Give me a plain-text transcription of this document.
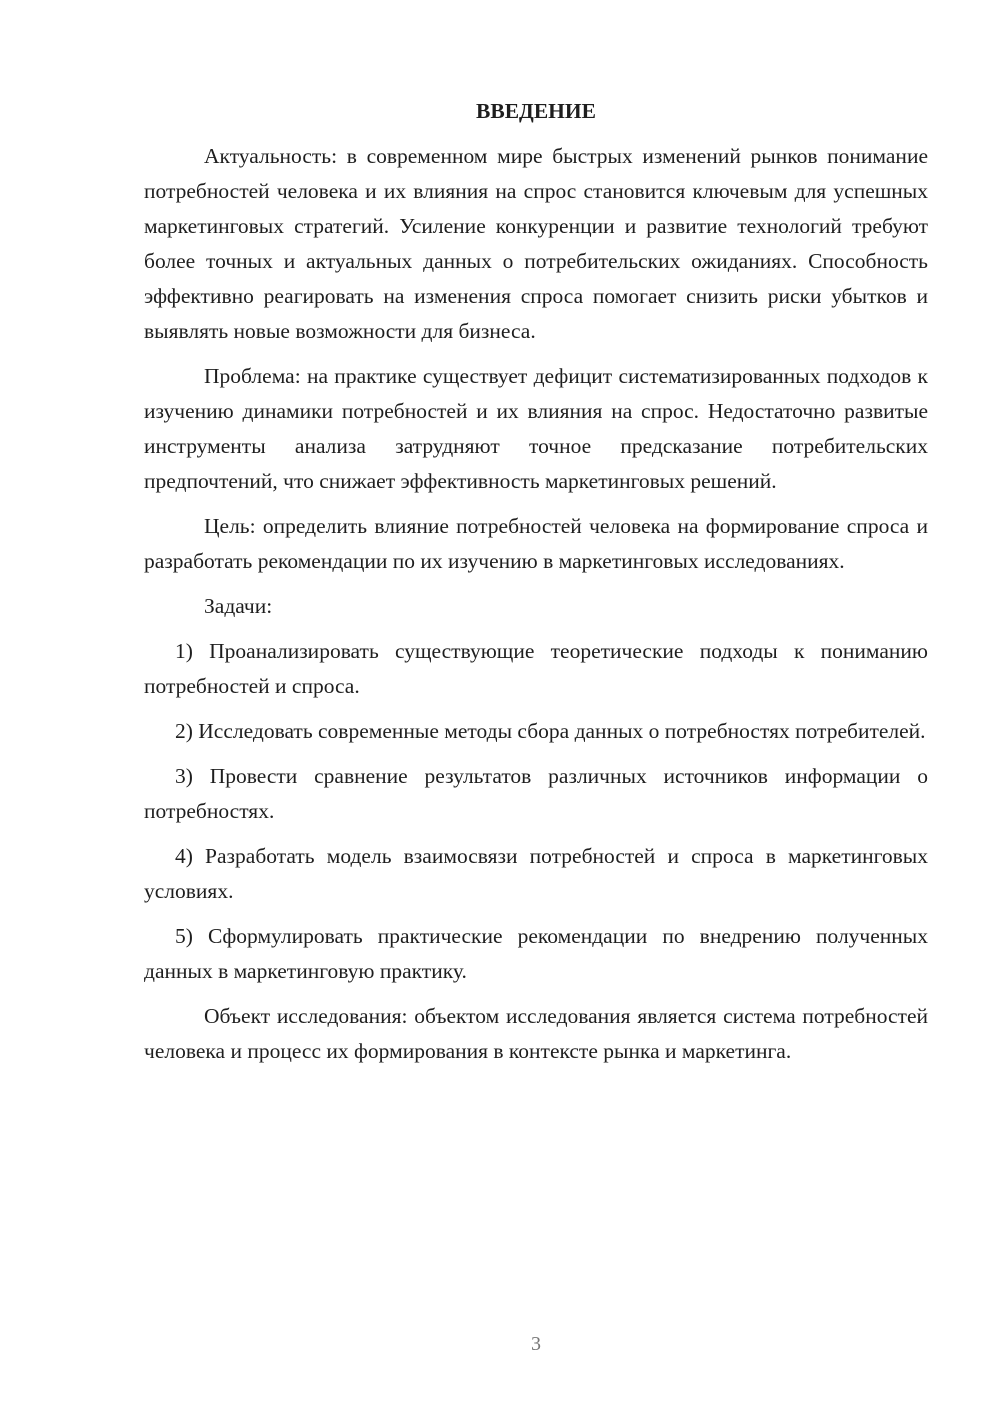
ВВЕДЕНИЕ

Актуальность: в современном мире быстрых изменений рынков понимание потребностей человека и их влияния на спрос становится ключевым для успешных маркетинговых стратегий. Усиление конкуренции и развитие технологий требуют более точных и актуальных данных о потребительских ожиданиях. Способность эффективно реагировать на изменения спроса помогает снизить риски убытков и выявлять новые возможности для бизнеса.

Проблема: на практике существует дефицит систематизированных подходов к изучению динамики потребностей и их влияния на спрос. Недостаточно развитые инструменты анализа затрудняют точное предсказание потребительских предпочтений, что снижает эффективность маркетинговых решений.

Цель: определить влияние потребностей человека на формирование спроса и разработать рекомендации по их изучению в маркетинговых исследованиях.

Задачи:

1) Проанализировать существующие теоретические подходы к пониманию потребностей и спроса.

2) Исследовать современные методы сбора данных о потребностях потребителей.

3) Провести сравнение результатов различных источников информации о потребностях.

4) Разработать модель взаимосвязи потребностей и спроса в маркетинговых условиях.

5) Сформулировать практические рекомендации по внедрению полученных данных в маркетинговую практику.

Объект исследования: объектом исследования является система потребностей человека и процесс их формирования в контексте рынка и маркетинга.

3
